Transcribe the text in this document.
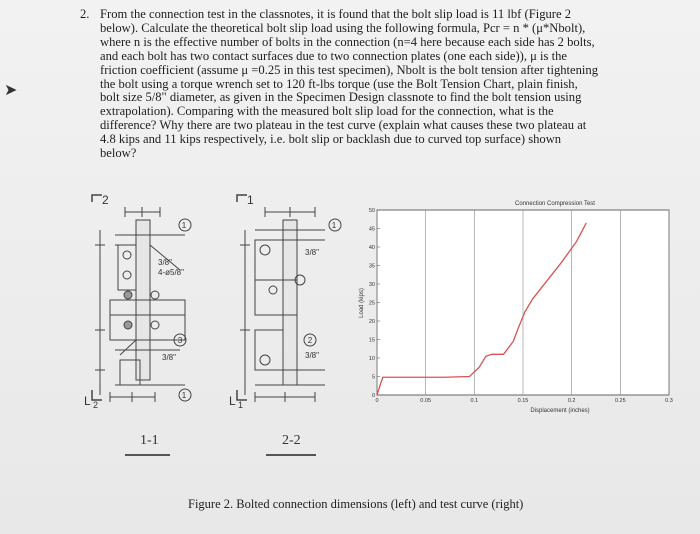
➤
2. From the connection test in the classnotes, it is found that the bolt slip load is 11 lbf (Figure 2
below). Calculate the theoretical bolt slip load using the following formula, Pcr = n * (μ*Nbolt),
where n is the effective number of bolts in the connection (n=4 here because each side has 2 bolts,
and each bolt has two contact surfaces due to two connection plates (one each side)), μ is the
friction coefficient (assume μ =0.25 in this test specimen), Nbolt is the bolt tension after tightening
the bolt using a torque wrench set to 120 ft-lbs torque (use the Bolt Tension Chart, plain finish,
bolt size 5/8" diameter, as given in the Specimen Design classnote to find the bolt tension using
extrapolation). Comparing with the measured bolt slip load for the connection, what is the
difference? Why there are two plateau in the test curve (explain what causes these two plateau at
4.8 kips and 11 kips respectively, i.e. bolt slip or backlash due to curved top surface) shown
below?
1
1
3
3/8"
4-ø5/8"
3/8"
2
L 2
1
2
3/8"
3/8"
1
L 1
1-1	2-2
Connection Compression Test
Displacement (inches)
Load (kips)
0	0.05	0.1	0.15	0.2	0.25	0.3
0
5
10
15
20
25
30
35
40
45
50
Figure 2. Bolted connection dimensions (left) and test curve (right)
